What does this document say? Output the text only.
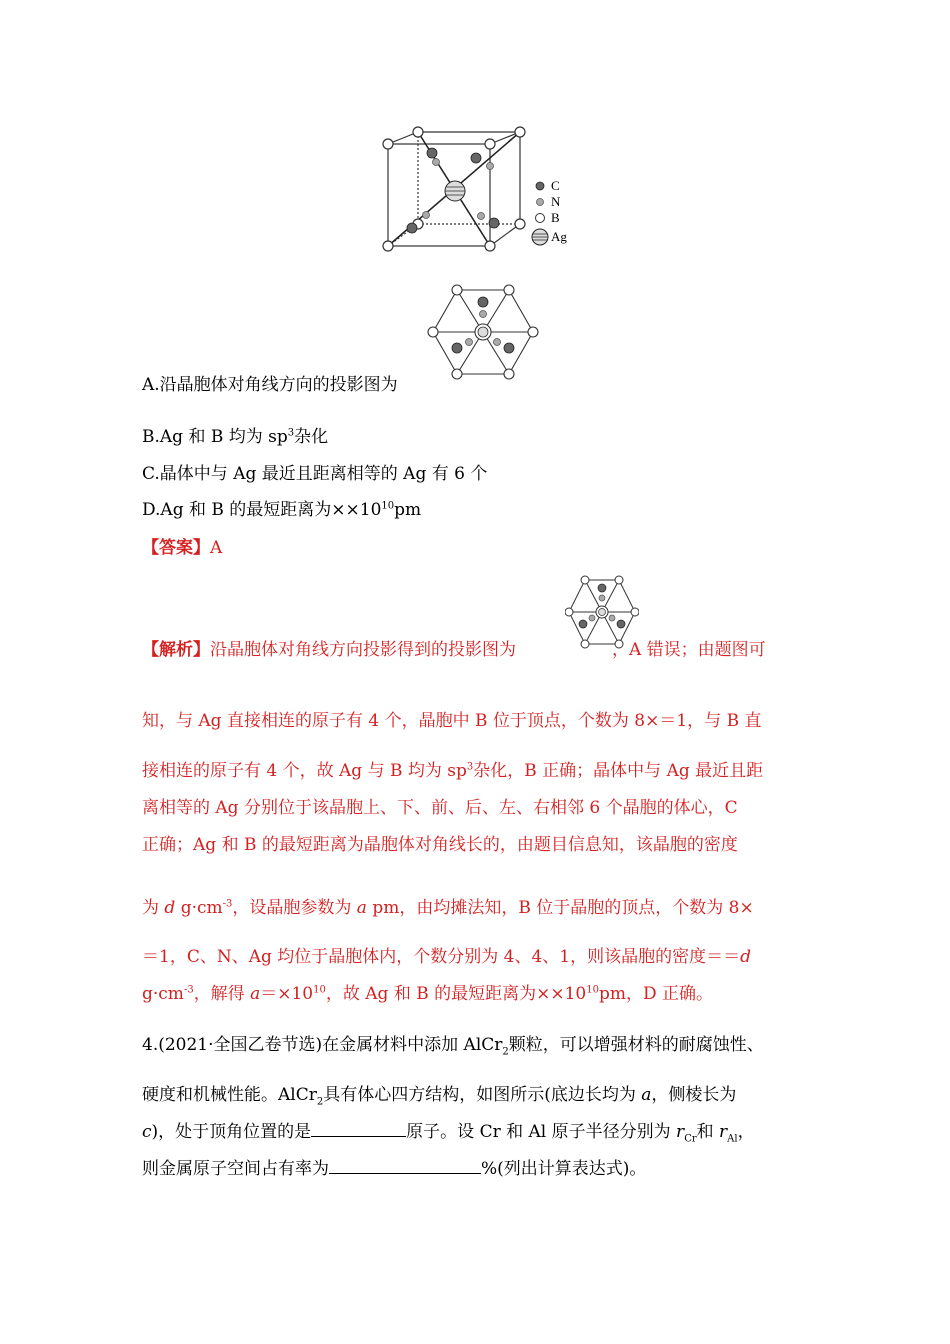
C
N
B
Ag
A.沿晶胞体对角线方向的投影图为
B.Ag 和 B 均为 $sp^3$杂化
C.晶体中与 Ag 最近且距离相等的 Ag 有 6 个
D.Ag 和 B 的最短距离为$\times\times 10^{10}pm$
【答案】A
【解析】沿晶胞体对角线方向投影得到的投影图为	，A 错误；由题图可
知，与 Ag 直接相连的原子有 4 个，晶胞中 B 位于顶点，个数为 8×＝1，与 B 直
接相连的原子有 4 个，故 Ag 与 B 均为 $sp^3$杂化，B 正确；晶体中与 Ag 最近且距
离相等的 Ag 分别位于该晶胞上、下、前、后、左、右相邻 6 个晶胞的体心，C
正确；Ag 和 B 的最短距离为晶胞体对角线长的，由题目信息知，该晶胞的密度
为 d $g\cdot cm^{-3}$，设晶胞参数为 a pm，由均摊法知，B 位于晶胞的顶点，个数为 8×
＝1，C、N、Ag 均位于晶胞体内，个数分别为 4、4、1，则该晶胞的密度＝＝d
$g\cdot cm^{-3}$，解得 $a=\times 10^{10}$，故 Ag 和 B 的最短距离为$\times\times 10^{10}pm$，D 正确。
4.(2021·全国乙卷节选)在金属材料中添加 AlCr$_2$颗粒，可以增强材料的耐腐蚀性、
硬度和机械性能。AlCr$_2$具有体心四方结构，如图所示(底边长均为 a，侧棱长为
c)，处于顶角位置的是	原子。设 Cr 和 Al 原子半径分别为 $r_{Cr}$和 $r_{Al}$，
则金属原子空间占有率为	%(列出计算表达式)。
